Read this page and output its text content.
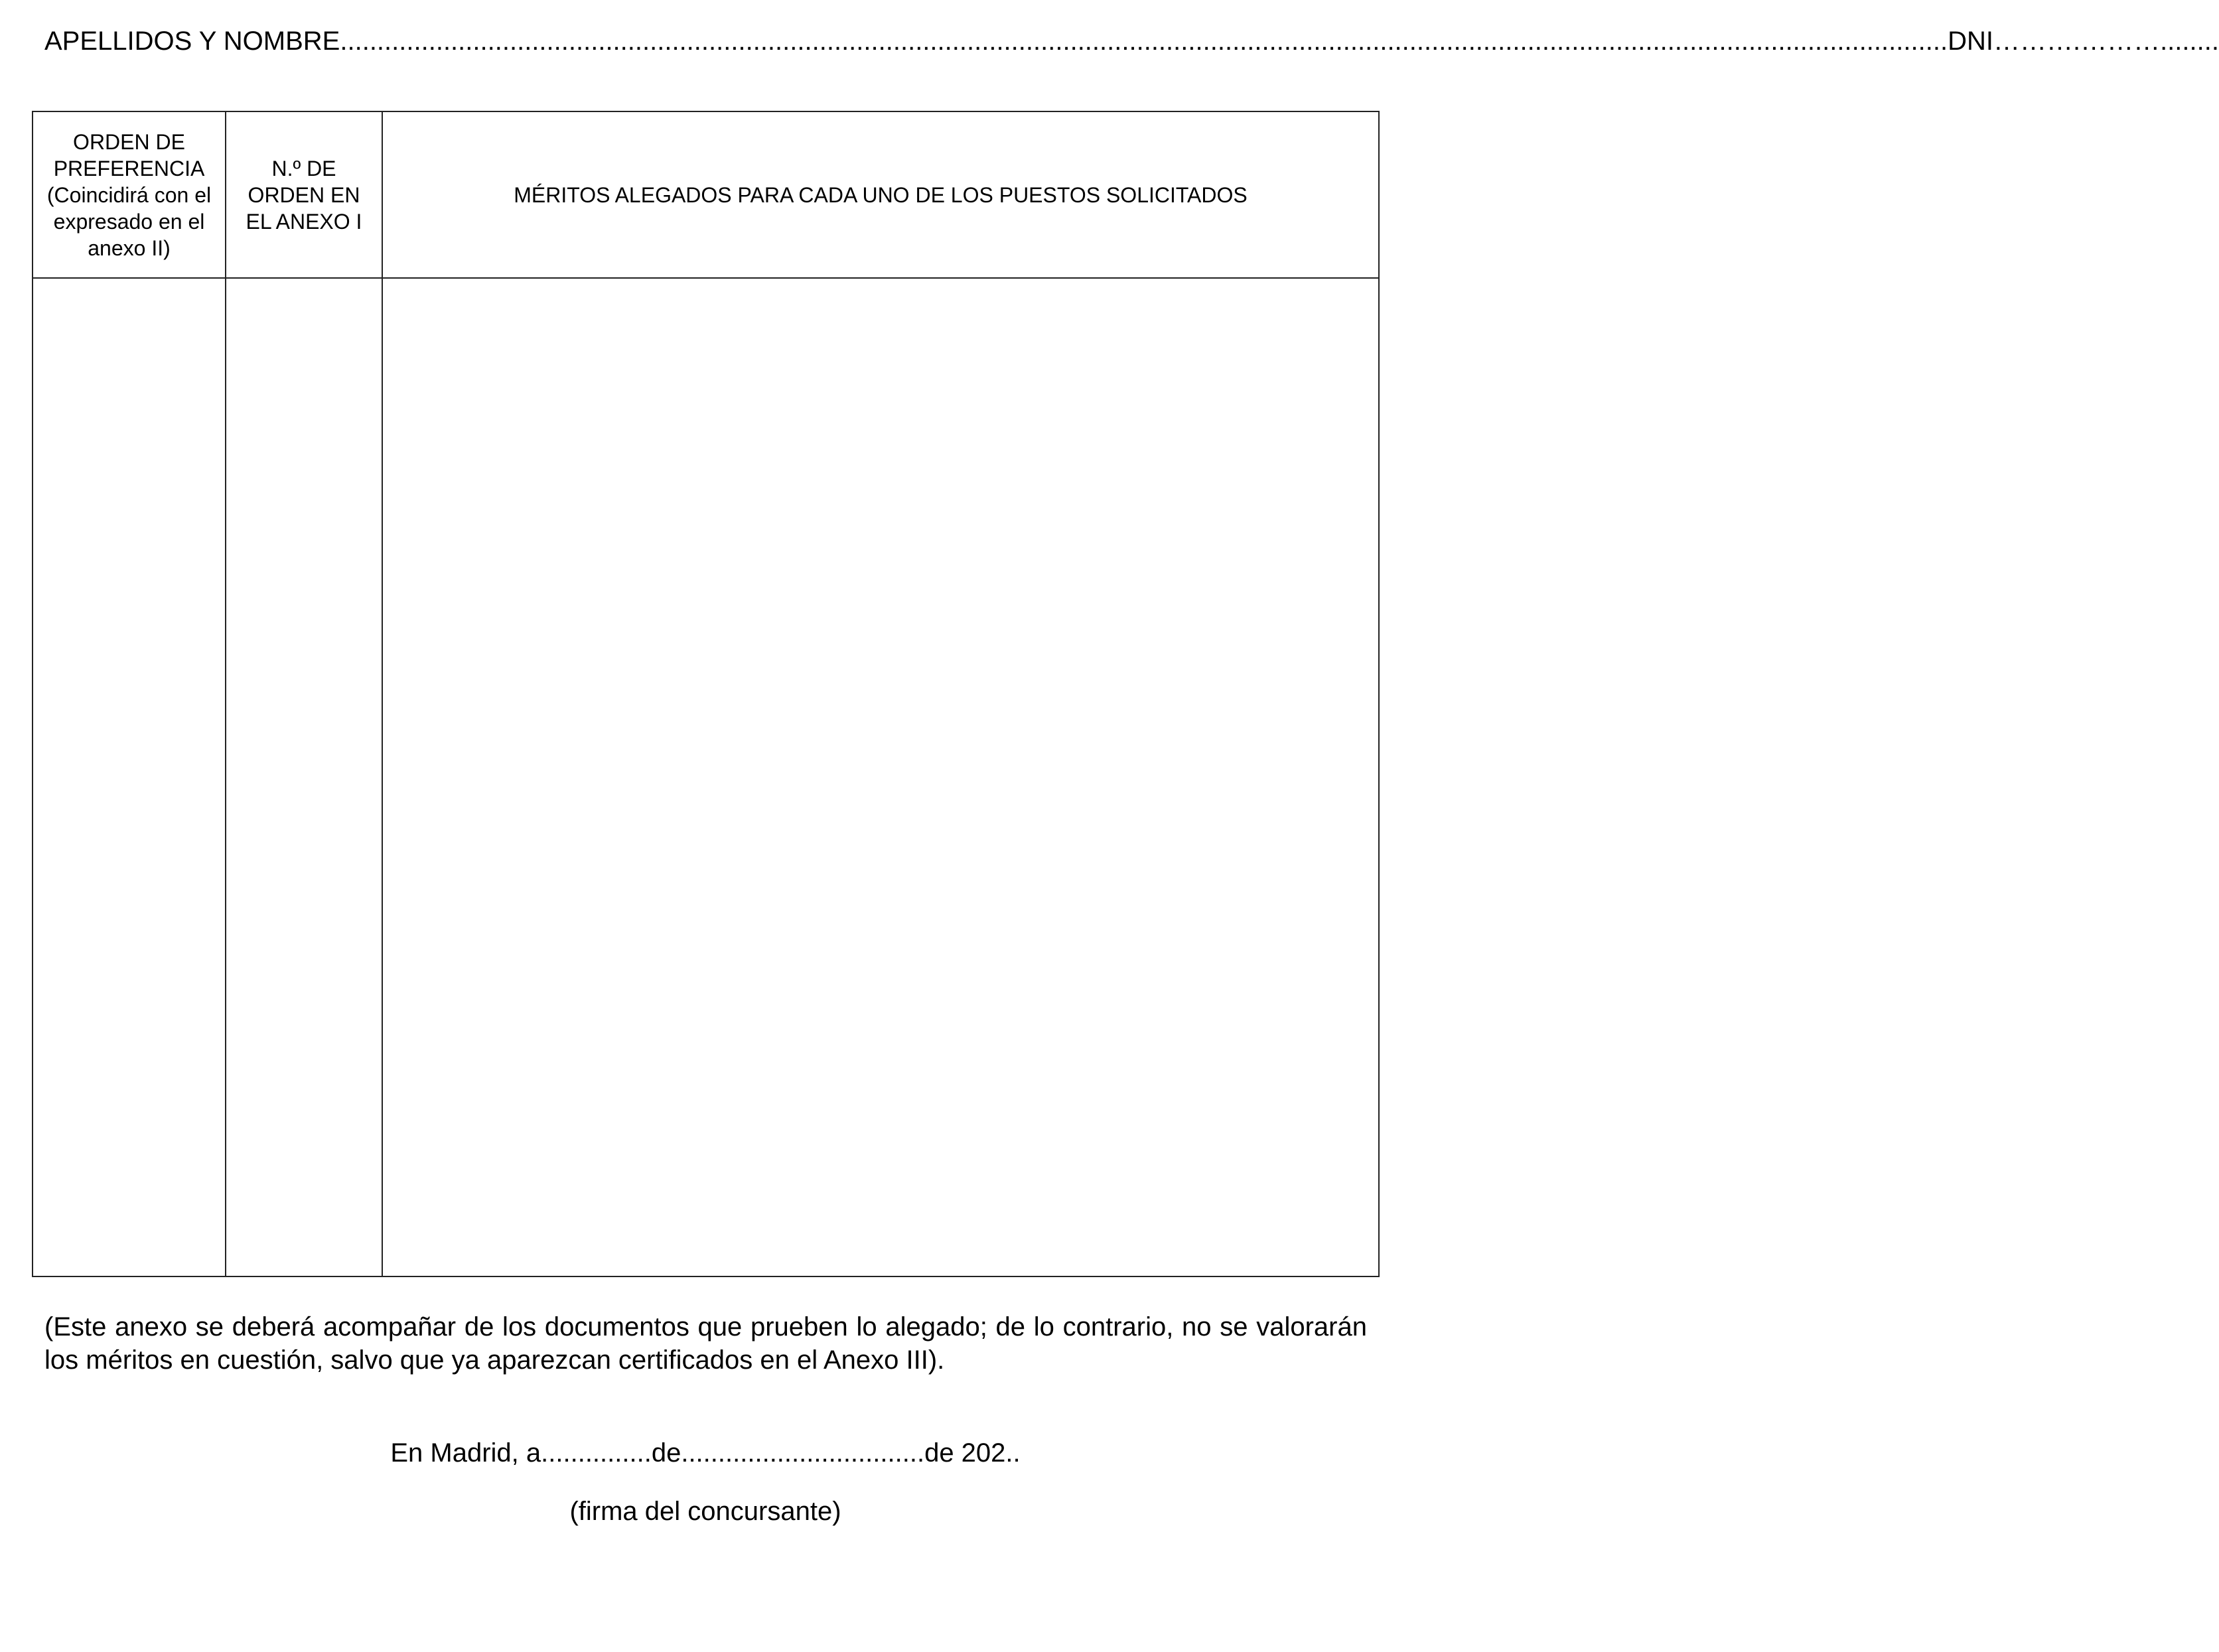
APELLIDOS Y NOMBRE .......................................................................................................................................................................................................................... DNI ……….………........
ORDEN DE PREFERENCIA (Coincidirá con el expresado en el anexo II)
N.º DE ORDEN EN EL ANEXO I
MÉRITOS ALEGADOS PARA CADA UNO DE LOS PUESTOS SOLICITADOS
(Este anexo se deberá acompañar de los documentos que prueben lo alegado; de lo contrario, no se valorarán los méritos en cuestión, salvo que ya aparezcan certificados en el Anexo III).
En Madrid, a...............de.................................de 202..
(firma del concursante)
